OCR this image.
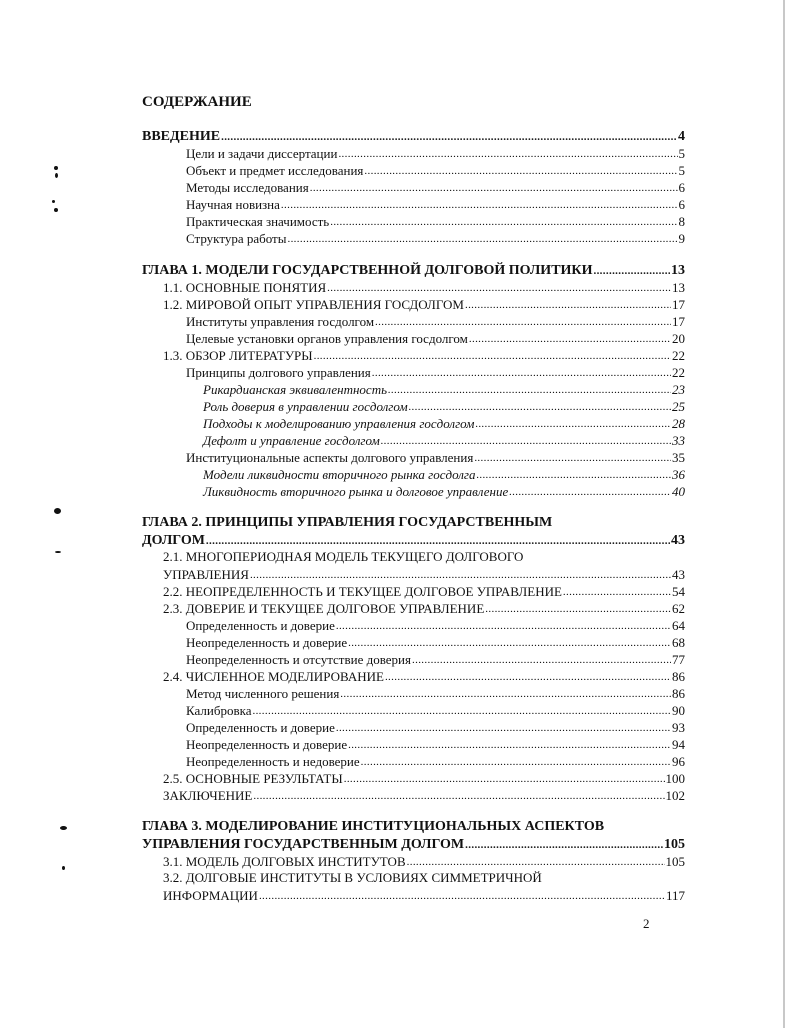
СОДЕРЖАНИЕ
ВВЕДЕНИЕ . . .	4
Цели и задачи диссертации . . .	5
Объект и предмет исследования . . .	5
Методы исследования . . .	6
Научная новизна . . .	6
Практическая значимость . . .	8
Структура работы . . .	9
ГЛАВА 1. МОДЕЛИ ГОСУДАРСТВЕННОЙ ДОЛГОВОЙ ПОЛИТИКИ . . .	13
1.1. ОСНОВНЫЕ ПОНЯТИЯ . . .	13
1.2. МИРОВОЙ ОПЫТ УПРАВЛЕНИЯ ГОСДОЛГОМ . . .	17
Институты управления госдолгом . . .	17
Целевые установки органов управления госдолгом . . .	20
1.3. ОБЗОР ЛИТЕРАТУРЫ . . .	22
Принципы долгового управления . . .	22
Рикардианская эквивалентность . . .	23
Роль доверия в управлении госдолгом . . .	25
Подходы к моделированию управления госдолгом . . .	28
Дефолт и управление госдолгом . . .	33
Институциональные аспекты долгового управления . . .	35
Модели ликвидности вторичного рынка госдолга . . .	36
Ликвидность вторичного рынка и долговое управление . . .	40
ГЛАВА 2. ПРИНЦИПЫ УПРАВЛЕНИЯ ГОСУДАРСТВЕННЫМ
ДОЛГОМ . . .	43
2.1. МНОГОПЕРИОДНАЯ МОДЕЛЬ ТЕКУЩЕГО ДОЛГОВОГО
УПРАВЛЕНИЯ . . .	43
2.2. НЕОПРЕДЕЛЕННОСТЬ И ТЕКУЩЕЕ ДОЛГОВОЕ УПРАВЛЕНИЕ . . .	54
2.3. ДОВЕРИЕ И ТЕКУЩЕЕ ДОЛГОВОЕ УПРАВЛЕНИЕ . . .	62
Определенность и доверие . . .	64
Неопределенность и доверие . . .	68
Неопределенность и отсутствие доверия . . .	77
2.4. ЧИСЛЕННОЕ МОДЕЛИРОВАНИЕ . . .	86
Метод численного решения . . .	86
Калибровка . . .	90
Определенность и доверие . . .	93
Неопределенность и доверие . . .	94
Неопределенность и недоверие . . .	96
2.5. ОСНОВНЫЕ РЕЗУЛЬТАТЫ . . .	100
ЗАКЛЮЧЕНИЕ . . .	102
ГЛАВА 3. МОДЕЛИРОВАНИЕ ИНСТИТУЦИОНАЛЬНЫХ АСПЕКТОВ
УПРАВЛЕНИЯ ГОСУДАРСТВЕННЫМ ДОЛГОМ . . .	105
3.1. МОДЕЛЬ ДОЛГОВЫХ ИНСТИТУТОВ . . .	105
3.2. ДОЛГОВЫЕ ИНСТИТУТЫ В УСЛОВИЯХ СИММЕТРИЧНОЙ
ИНФОРМАЦИИ . . .	117
2
